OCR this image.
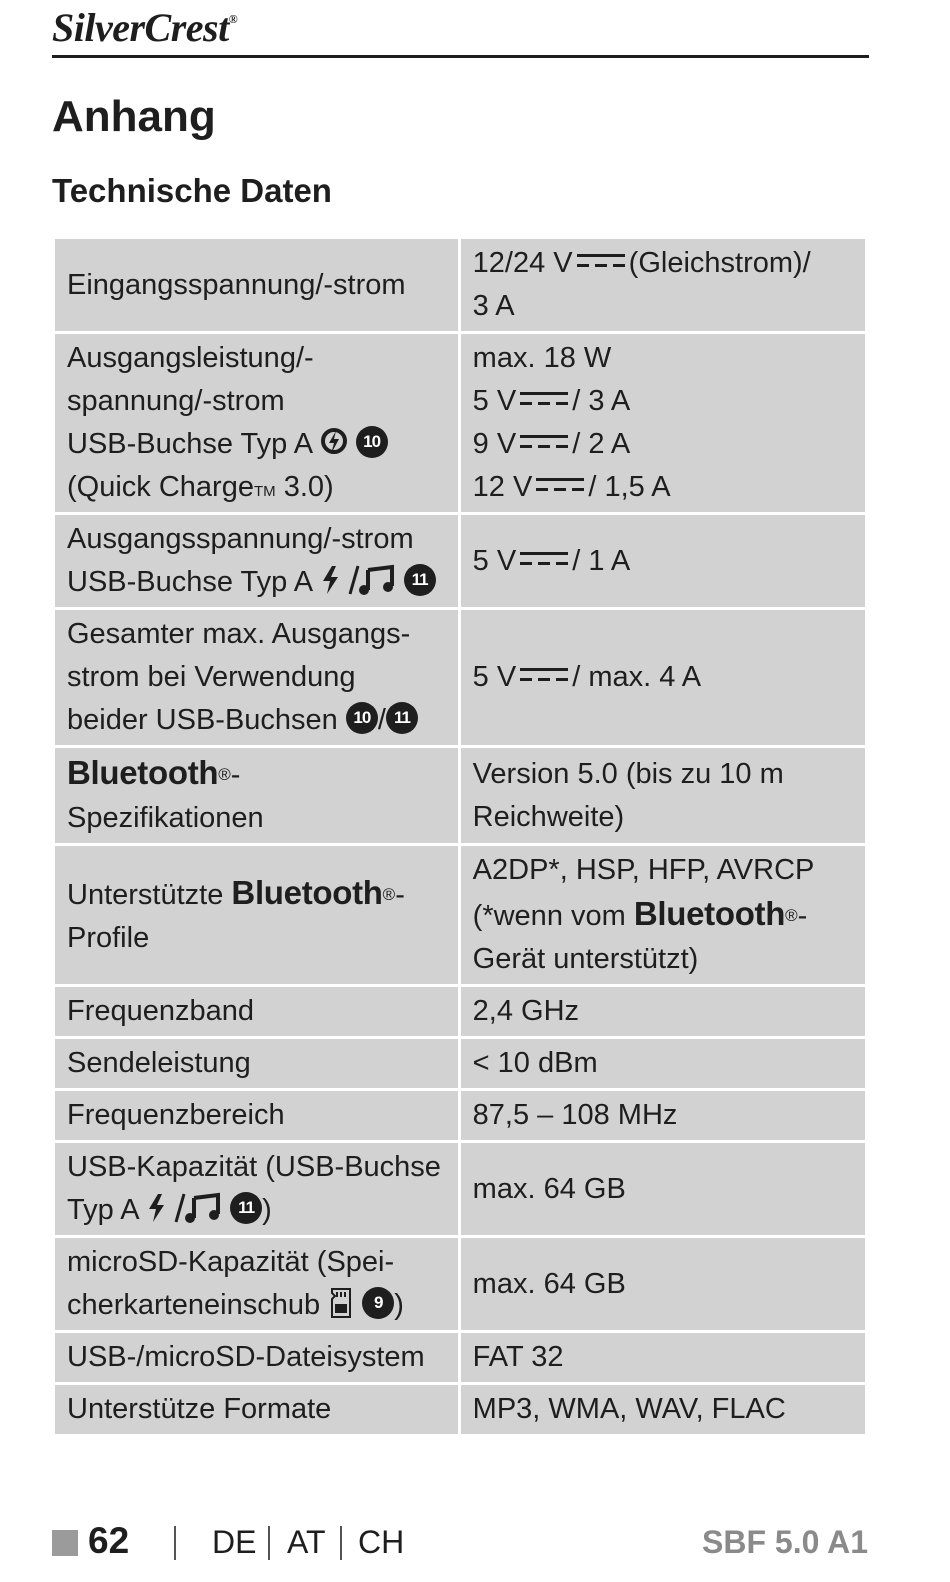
SilverCrest®
Anhang
Technische Daten
Eingangsspannung/-strom	12/24 V (Gleichstrom)/
3 A

Ausgangsleistung/-
spannung/-strom
USB-Buchse Typ A 10
(Quick Charge™ 3.0)	max. 18 W
5 V / 3 A
9 V / 2 A
12 V / 1,5 A

Ausgangsspannung/-strom
USB-Buchse Typ A 11	5 V / 1 A

Gesamter max. Ausgangs-
strom bei Verwendung
beider USB-Buchsen 10 / 11	5 V / max. 4 A

Bluetooth®-
Spezifikationen	Version 5.0 (bis zu 10 m
Reichweite)

Unterstützte Bluetooth®-
Profile	A2DP*, HSP, HFP, AVRCP
(*wenn vom Bluetooth®-
Gerät unterstützt)

Frequenzband	2,4 GHz

Sendeleistung	< 10 dBm

Frequenzbereich	87,5 – 108 MHz

USB-Kapazität (USB-Buchse
Typ A 11 )	max. 64 GB

microSD-Kapazität (Spei-
cherkarteneinschub 9 )	max. 64 GB

USB-/microSD-Dateisystem	FAT 32

Unterstütze Formate	MP3, WMA, WAV, FLAC
62	DE AT CH	SBF 5.0 A1
